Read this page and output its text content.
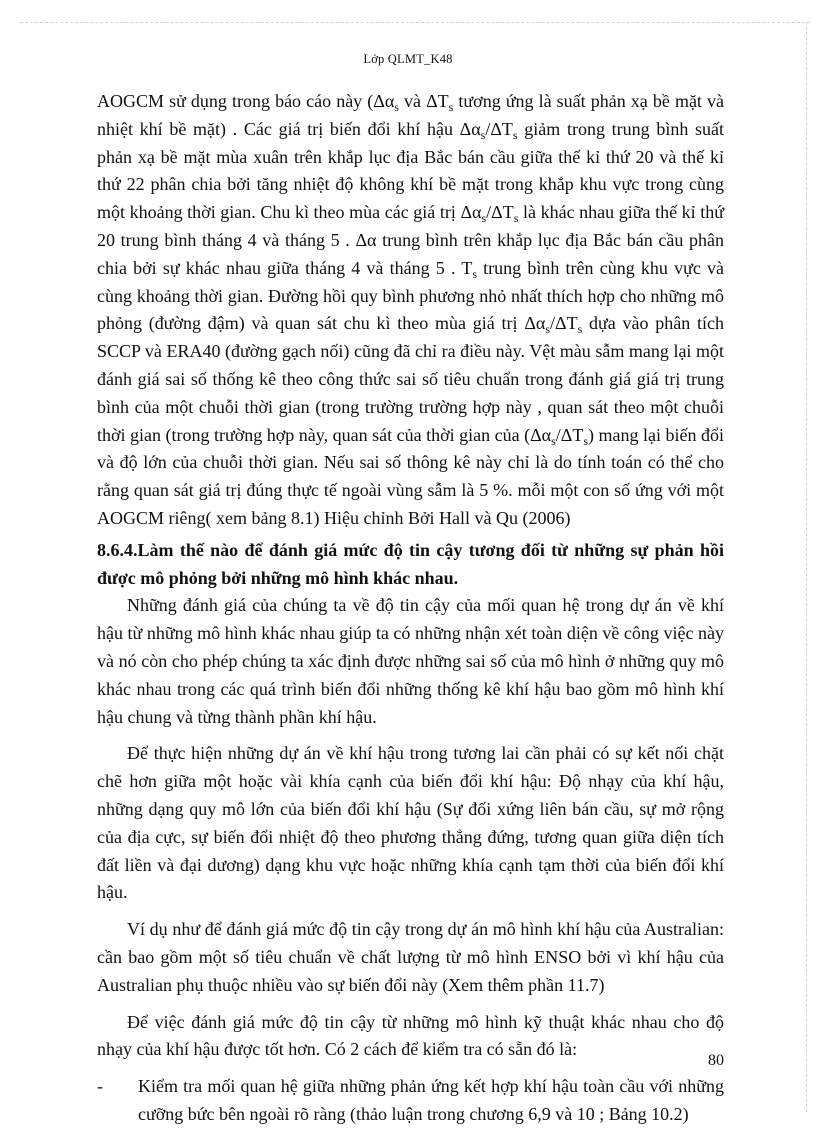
Lớp QLMT_K48

AOGCM sử dụng trong báo cáo này ($\Delta\alpha_s$ và $\Delta T_s$ tương ứng là suất phản xạ bề mặt và nhiệt khí bề mặt) . Các giá trị biến đổi khí hậu $\Delta\alpha_s/\Delta T_s$ giảm trong trung bình suất phản xạ bề mặt mùa xuân trên khắp lục địa Bắc bán cầu giữa thế kỉ thứ 20 và thế kỉ thứ 22 phân chia bởi tăng nhiệt độ không khí bề mặt trong khắp khu vực trong cùng một khoảng thời gian. Chu kì theo mùa các giá trị $\Delta\alpha_s/\Delta T_s$ là khác nhau giữa thế kỉ thứ 20 trung bình tháng 4 và tháng 5 . Δα trung bình trên khắp lục địa Bắc bán cầu phân chia bởi sự khác nhau giữa tháng 4 và tháng 5 . $T_s$ trung bình trên cùng khu vực và cùng khoảng thời gian. Đường hồi quy bình phương nhỏ nhất thích hợp cho những mô phỏng (đường đậm) và quan sát chu kì theo mùa giá trị $\Delta\alpha_s/\Delta T_s$ dựa vào phân tích SCCP và ERA40 (đường gạch nối) cũng đã chỉ ra điều này. Vệt màu sẫm mang lại một đánh giá sai số thống kê theo công thức sai số tiêu chuẩn trong đánh giá giá trị trung bình của một chuỗi thời gian (trong trường trường hợp này , quan sát theo một chuỗi thời gian (trong trường hợp này, quan sát của thời gian của $(\Delta\alpha_s/\Delta T_s)$ mang lại biến đổi và độ lớn của chuỗi thời gian. Nếu sai số thông kê này chỉ là do tính toán có thể cho rằng quan sát giá trị đúng thực tế ngoài vùng sẫm là 5 %. mỗi một con số ứng với một AOGCM riêng( xem bảng 8.1) Hiệu chỉnh Bởi Hall và Qu (2006)

8.6.4.Làm thế nào để đánh giá mức độ tin cậy tương đối từ những sự phản hồi được mô phỏng bởi những mô hình khác nhau.

Những đánh giá của chúng ta về độ tin cậy của mối quan hệ trong dự án về khí hậu từ những mô hình khác nhau giúp ta có những nhận xét toàn diện về công việc này và nó còn cho phép chúng ta xác định được những sai số của mô hình ở những quy mô khác nhau trong các quá trình biến đổi những thống kê khí hậu bao gồm mô hình khí hậu chung và từng thành phần khí hậu.

Để thực hiện những dự án về khí hậu trong tương lai cần phải có sự kết nối chặt chẽ hơn giữa một hoặc vài khía cạnh của biến đổi khí hậu: Độ nhạy của khí hậu, những dạng quy mô lớn của biến đổi khí hậu (Sự đối xứng liên bán cầu, sự mở rộng của địa cực, sự biến đổi nhiệt độ theo phương thẳng đứng, tương quan giữa diện tích đất liền và đại dương) dạng khu vực hoặc những khía cạnh tạm thời của biến đổi khí hậu.

Ví dụ như để đánh giá mức độ tin cậy trong dự án mô hình khí hậu của Australian: cần bao gồm một số tiêu chuẩn về chất lượng từ mô hình ENSO bởi vì khí hậu của Australian phụ thuộc nhiều vào sự biến đổi này (Xem thêm phần 11.7)

Để việc đánh giá mức độ tin cậy từ những mô hình kỹ thuật khác nhau cho độ nhạy của khí hậu được tốt hơn. Có 2 cách để kiểm tra có sẵn đó là:

-	Kiểm tra mối quan hệ giữa những phản ứng kết hợp khí hậu toàn cầu với những cưỡng bức bên ngoài rõ ràng (thảo luận trong chương 6,9 và 10 ; Bảng 10.2)
80
